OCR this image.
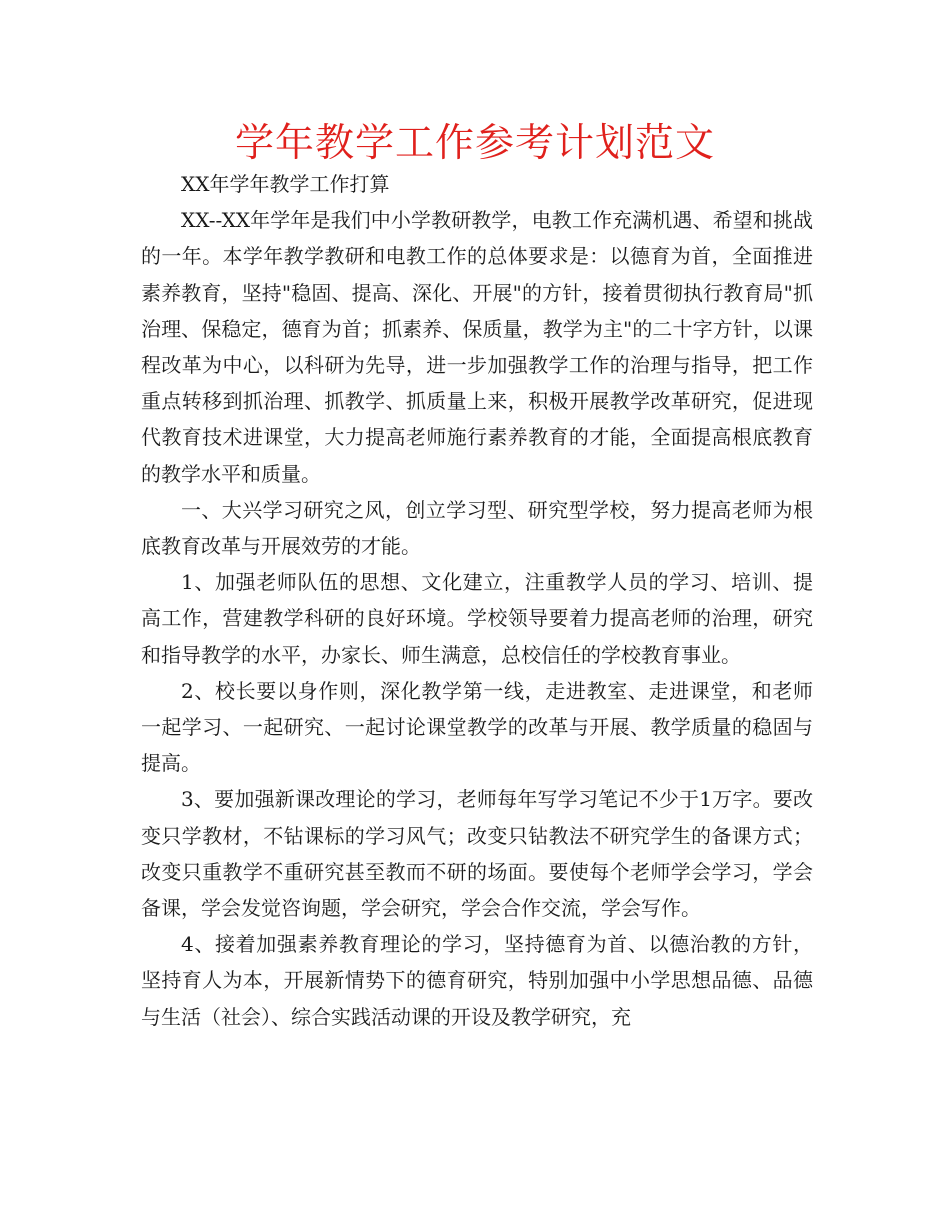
学年教学工作参考计划范文

XX年学年教学工作打算

XX--XX年学年是我们中小学教研教学，电教工作充满机遇、希望和挑战的一年。本学年教学教研和电教工作的总体要求是：以德育为首，全面推进素养教育，坚持"稳固、提高、深化、开展"的方针，接着贯彻执行教育局"抓治理、保稳定，德育为首；抓素养、保质量，教学为主"的二十字方针，以课程改革为中心，以科研为先导，进一步加强教学工作的治理与指导，把工作重点转移到抓治理、抓教学、抓质量上来，积极开展教学改革研究，促进现代教育技术进课堂，大力提高老师施行素养教育的才能，全面提高根底教育的教学水平和质量。

一、大兴学习研究之风，创立学习型、研究型学校，努力提高老师为根底教育改革与开展效劳的才能。

1、加强老师队伍的思想、文化建立，注重教学人员的学习、培训、提高工作，营建教学科研的良好环境。学校领导要着力提高老师的治理，研究和指导教学的水平，办家长、师生满意，总校信任的学校教育事业。

2、校长要以身作则，深化教学第一线，走进教室、走进课堂，和老师一起学习、一起研究、一起讨论课堂教学的改革与开展、教学质量的稳固与提高。

3、要加强新课改理论的学习，老师每年写学习笔记不少于1万字。要改变只学教材，不钻课标的学习风气；改变只钻教法不研究学生的备课方式；改变只重教学不重研究甚至教而不研的场面。要使每个老师学会学习，学会备课，学会发觉咨询题，学会研究，学会合作交流，学会写作。

4、接着加强素养教育理论的学习，坚持德育为首、以德治教的方针，坚持育人为本，开展新情势下的德育研究，特别加强中小学思想品德、品德与生活（社会）、综合实践活动课的开设及教学研究，充
